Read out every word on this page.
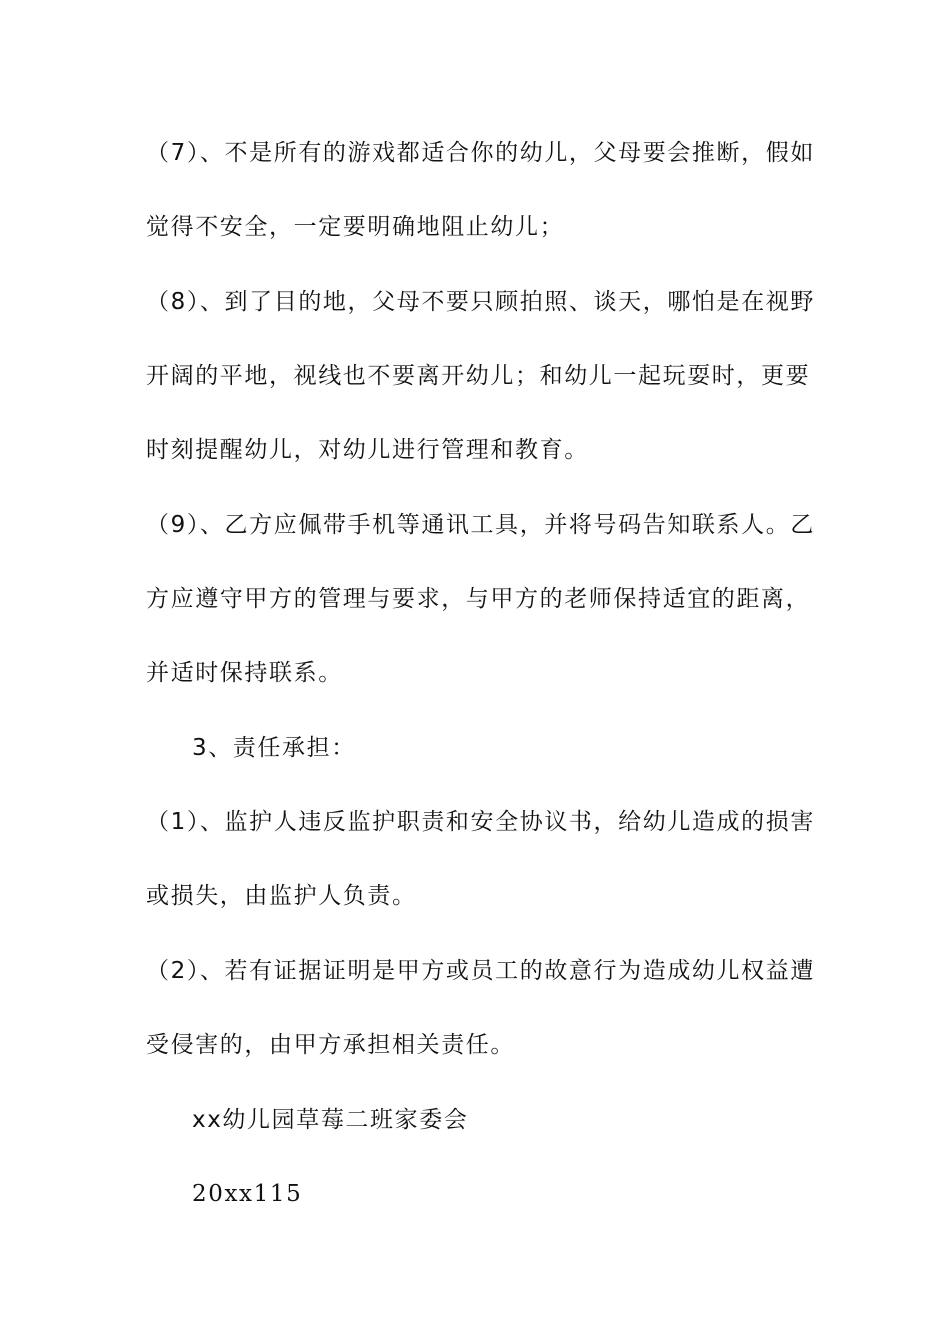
（7）、不是所有的游戏都适合你的幼儿，父母要会推断，假如
觉得不安全，一定要明确地阻止幼儿；
（8）、到了目的地，父母不要只顾拍照、谈天，哪怕是在视野
开阔的平地，视线也不要离开幼儿；和幼儿一起玩耍时，更要
时刻提醒幼儿，对幼儿进行管理和教育。
（9）、乙方应佩带手机等通讯工具，并将号码告知联系人。乙
方应遵守甲方的管理与要求，与甲方的老师保持适宜的距离，
并适时保持联系。
3、责任承担：
（1）、监护人违反监护职责和安全协议书，给幼儿造成的损害
或损失，由监护人负责。
（2）、若有证据证明是甲方或员工的故意行为造成幼儿权益遭
受侵害的，由甲方承担相关责任。
xx幼儿园草莓二班家委会
20xx115
